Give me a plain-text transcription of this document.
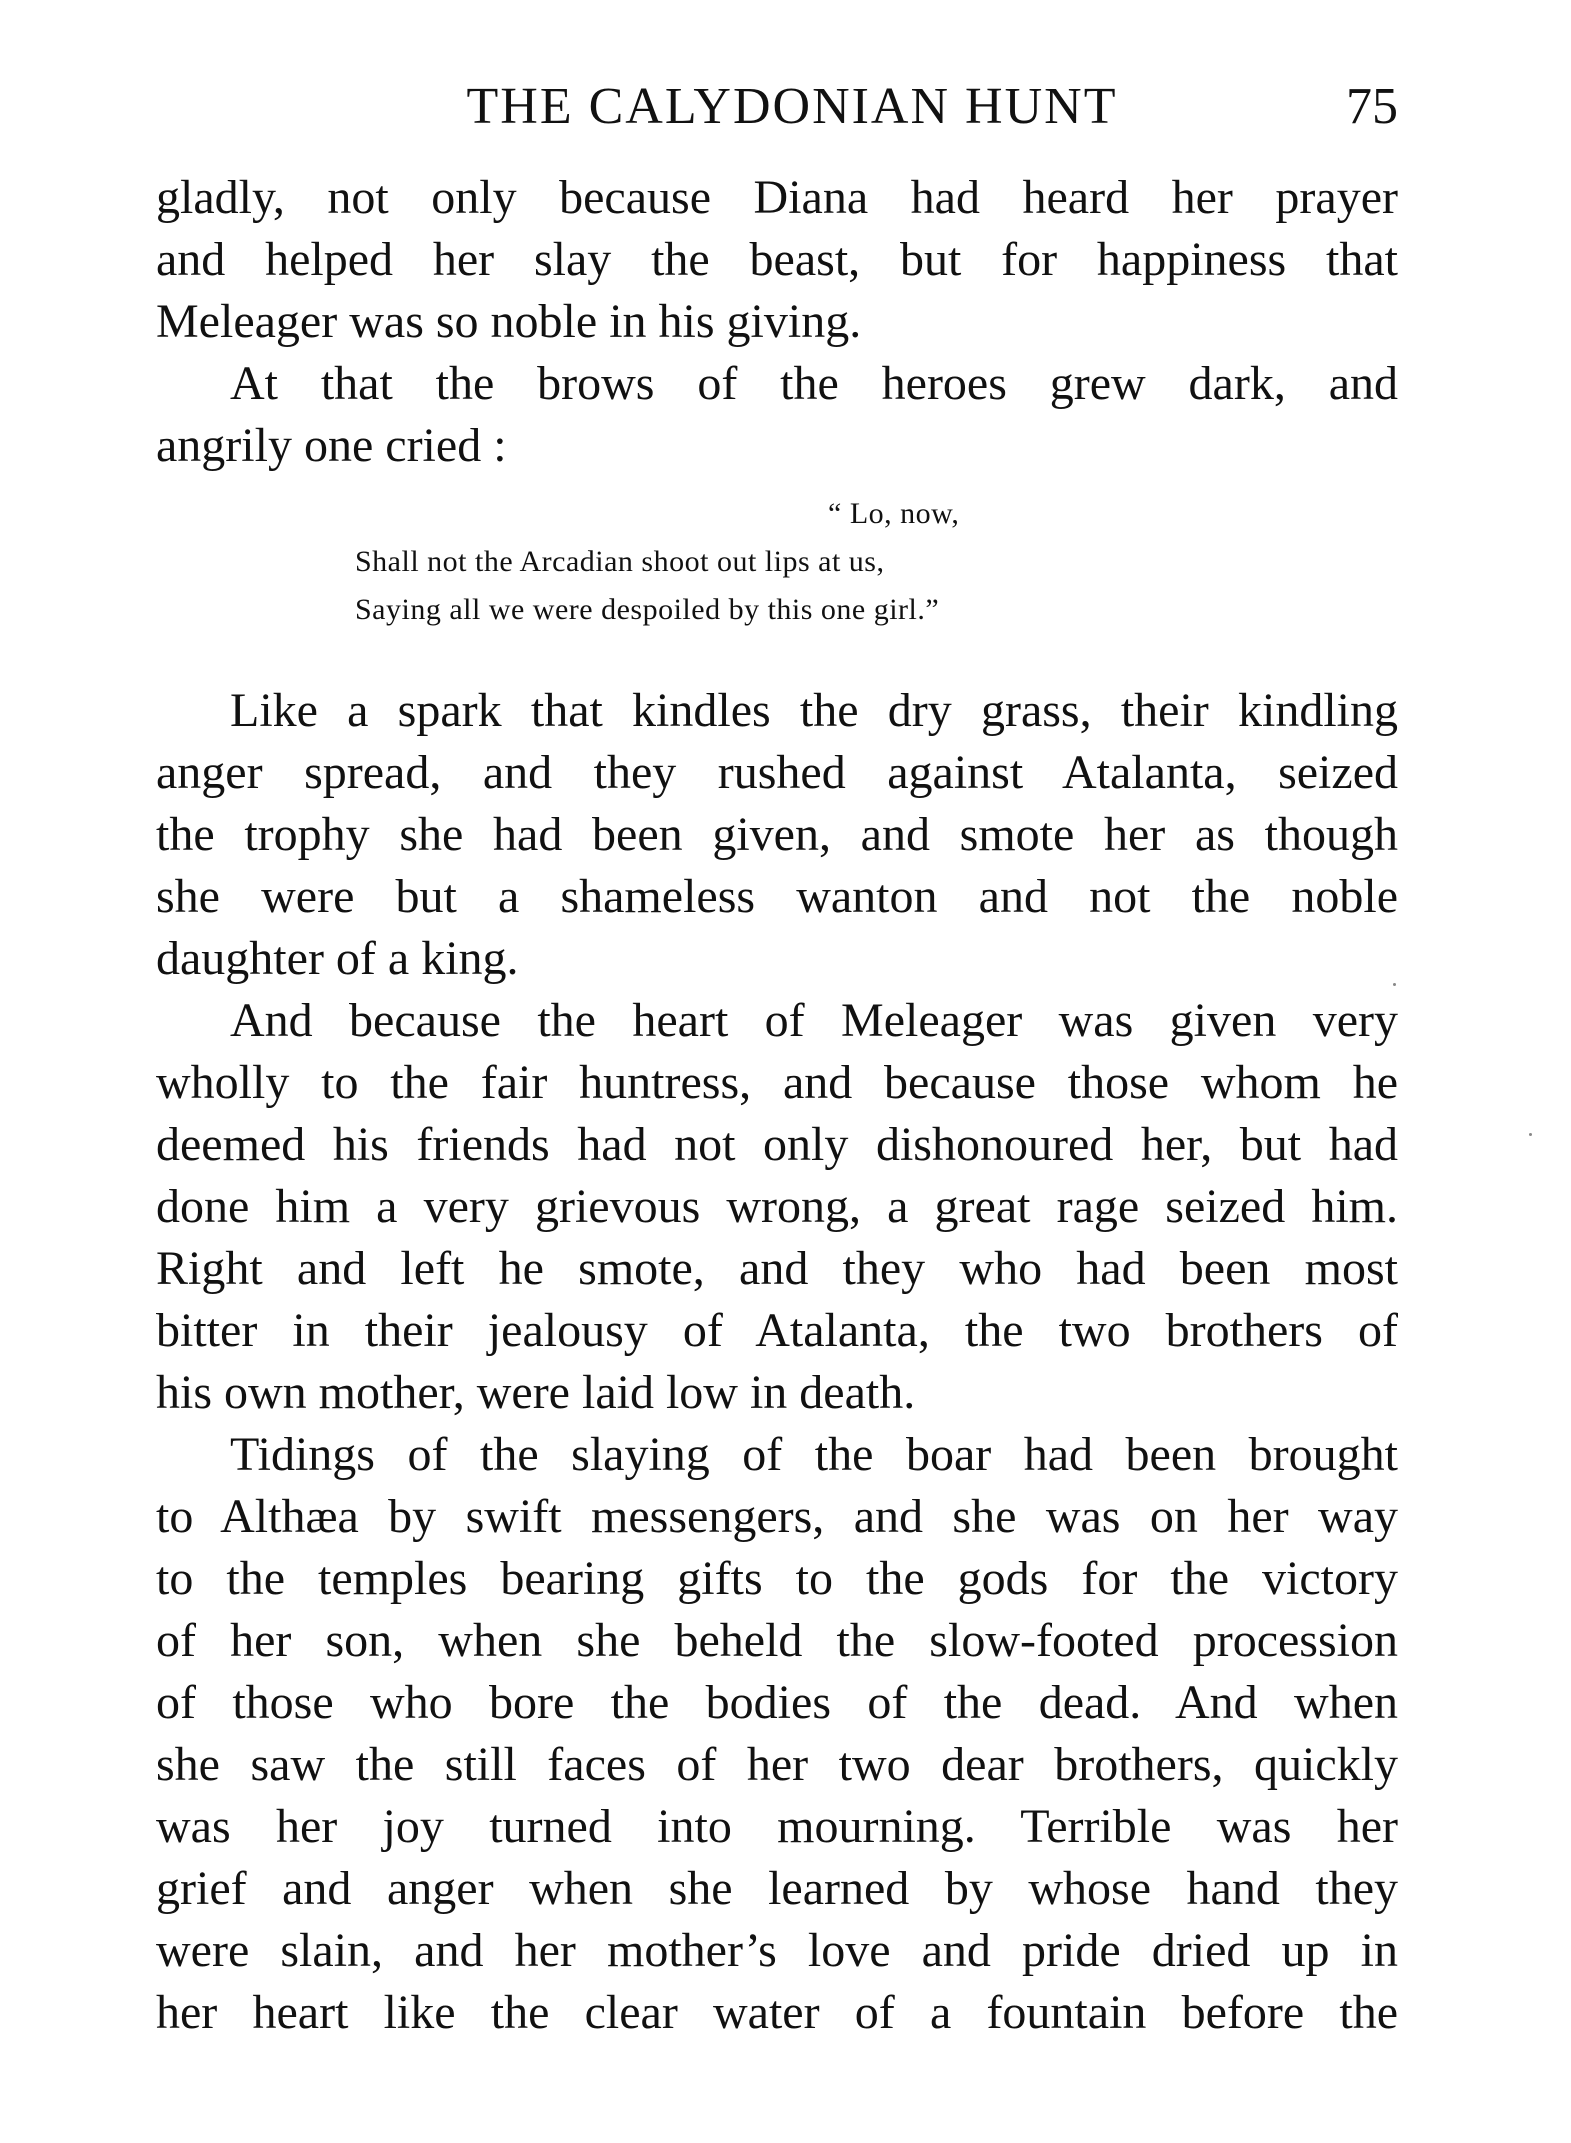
THE CALYDONIAN HUNT	75
gladly, not only because Diana had heard her prayer
and helped her slay the beast, but for happiness that
Meleager was so noble in his giving.
At that the brows of the heroes grew dark, and
angrily one cried :
“ Lo, now,
Shall not the Arcadian shoot out lips at us,
Saying all we were despoiled by this one girl.”
Like a spark that kindles the dry grass, their kindling
anger spread, and they rushed against Atalanta, seized
the trophy she had been given, and smote her as though
she were but a shameless wanton and not the noble
daughter of a king.
And because the heart of Meleager was given very
wholly to the fair huntress, and because those whom he
deemed his friends had not only dishonoured her, but had
done him a very grievous wrong, a great rage seized him.
Right and left he smote, and they who had been most
bitter in their jealousy of Atalanta, the two brothers of
his own mother, were laid low in death.
Tidings of the slaying of the boar had been brought
to Althæa by swift messengers, and she was on her way
to the temples bearing gifts to the gods for the victory
of her son, when she beheld the slow-footed procession
of those who bore the bodies of the dead. And when
she saw the still faces of her two dear brothers, quickly
was her joy turned into mourning. Terrible was her
grief and anger when she learned by whose hand they
were slain, and her mother’s love and pride dried up in
her heart like the clear water of a fountain before the
